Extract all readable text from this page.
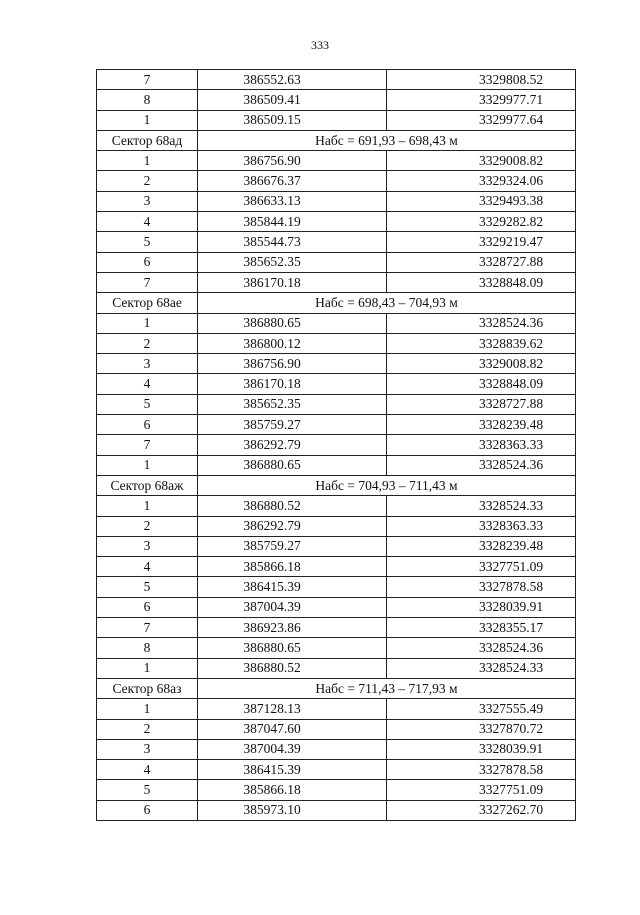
333
7	386552.63	3329808.52
8	386509.41	3329977.71
1	386509.15	3329977.64
Сектор 68ад	Набс = 691,93 – 698,43 м	
1	386756.90	3329008.82
2	386676.37	3329324.06
3	386633.13	3329493.38
4	385844.19	3329282.82
5	385544.73	3329219.47
6	385652.35	3328727.88
7	386170.18	3328848.09
Сектор 68ае	Набс = 698,43 – 704,93 м	
1	386880.65	3328524.36
2	386800.12	3328839.62
3	386756.90	3329008.82
4	386170.18	3328848.09
5	385652.35	3328727.88
6	385759.27	3328239.48
7	386292.79	3328363.33
1	386880.65	3328524.36
Сектор 68аж	Набс = 704,93 – 711,43 м	
1	386880.52	3328524.33
2	386292.79	3328363.33
3	385759.27	3328239.48
4	385866.18	3327751.09
5	386415.39	3327878.58
6	387004.39	3328039.91
7	386923.86	3328355.17
8	386880.65	3328524.36
1	386880.52	3328524.33
Сектор 68аз	Набс = 711,43 – 717,93 м	
1	387128.13	3327555.49
2	387047.60	3327870.72
3	387004.39	3328039.91
4	386415.39	3327878.58
5	385866.18	3327751.09
6	385973.10	3327262.70
